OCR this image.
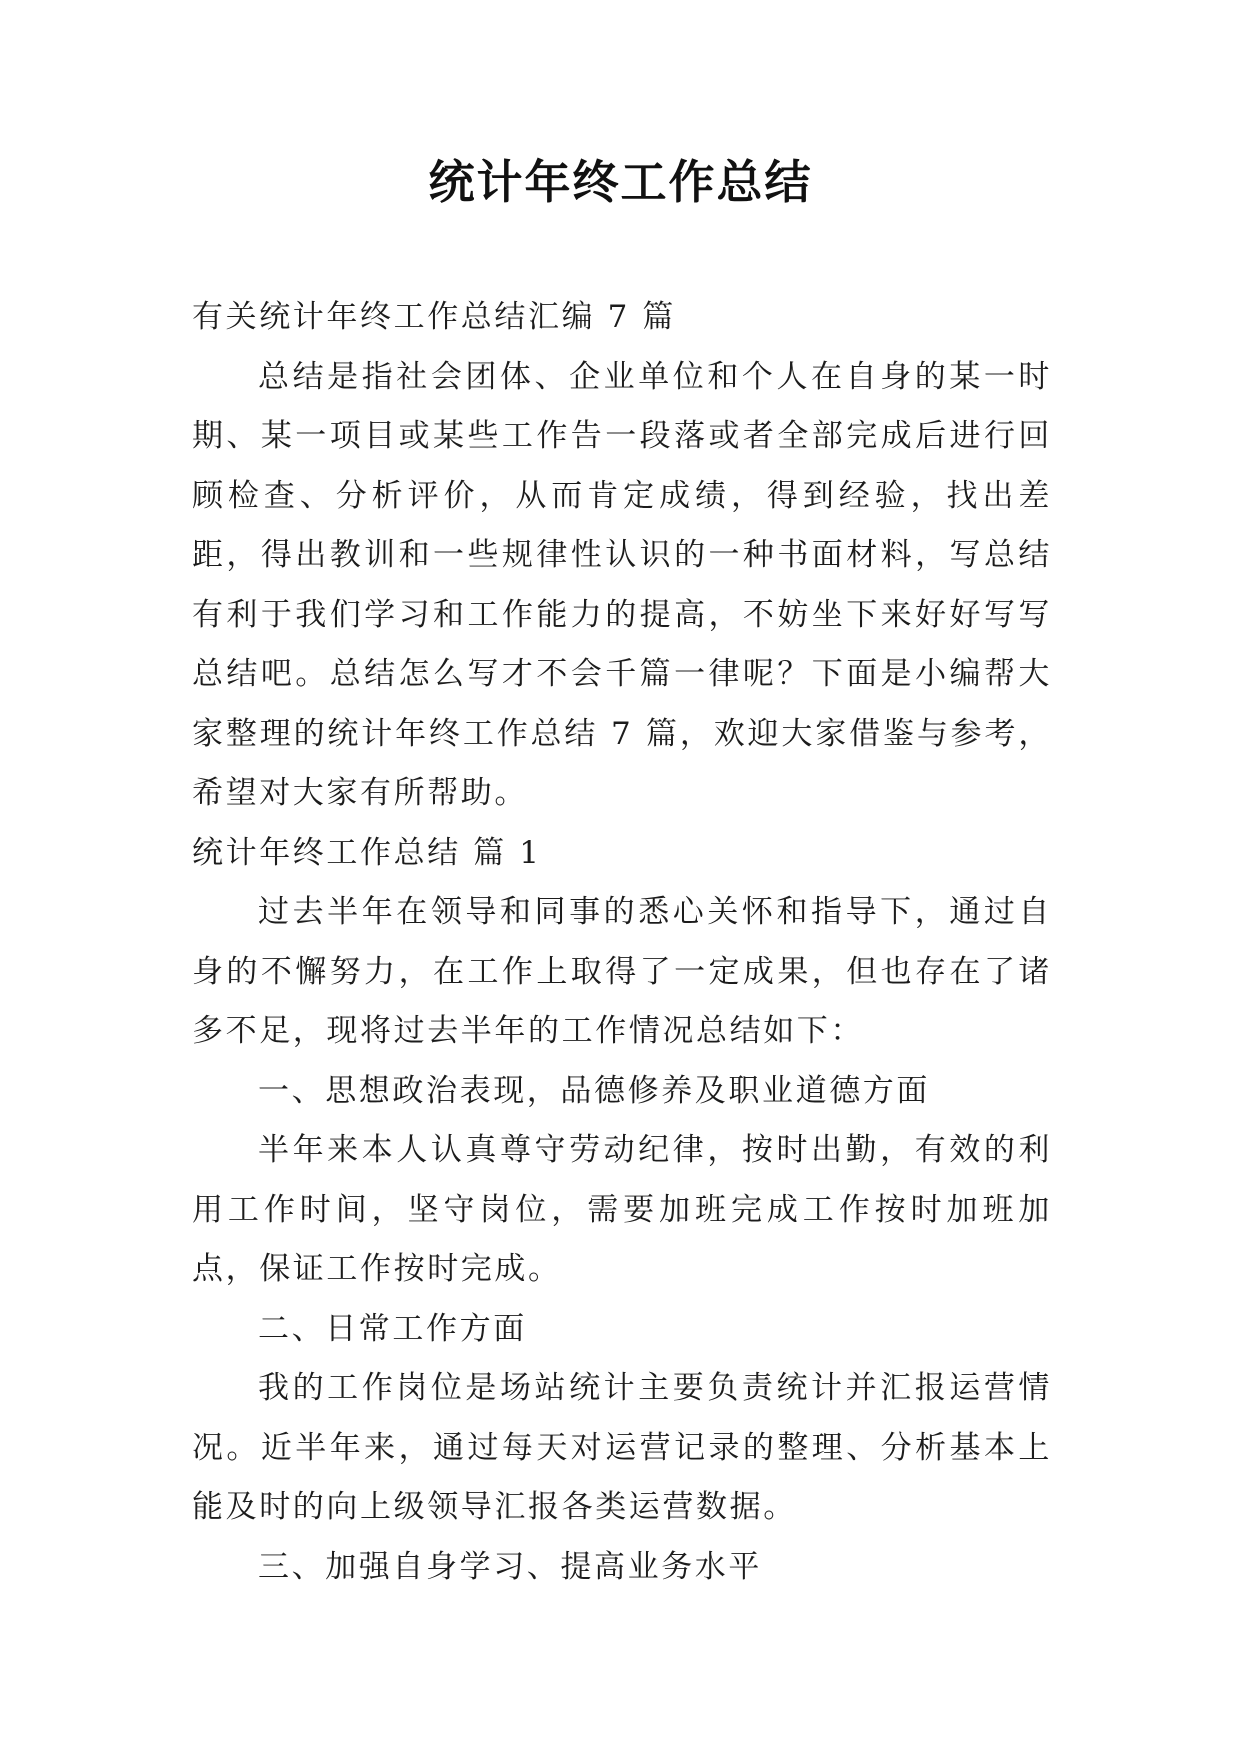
统计年终工作总结

有关统计年终工作总结汇编 7 篇

总结是指社会团体、企业单位和个人在自身的某一时期、某一项目或某些工作告一段落或者全部完成后进行回顾检查、分析评价，从而肯定成绩，得到经验，找出差距，得出教训和一些规律性认识的一种书面材料，写总结有利于我们学习和工作能力的提高，不妨坐下来好好写写总结吧。总结怎么写才不会千篇一律呢？下面是小编帮大家整理的统计年终工作总结 7 篇，欢迎大家借鉴与参考，希望对大家有所帮助。

统计年终工作总结 篇 1

过去半年在领导和同事的悉心关怀和指导下，通过自身的不懈努力，在工作上取得了一定成果，但也存在了诸多不足，现将过去半年的工作情况总结如下：

一、思想政治表现，品德修养及职业道德方面

半年来本人认真尊守劳动纪律，按时出勤，有效的利用工作时间，坚守岗位，需要加班完成工作按时加班加点，保证工作按时完成。

二、日常工作方面

我的工作岗位是场站统计主要负责统计并汇报运营情况。近半年来，通过每天对运营记录的整理、分析基本上能及时的向上级领导汇报各类运营数据。

三、加强自身学习、提高业务水平
